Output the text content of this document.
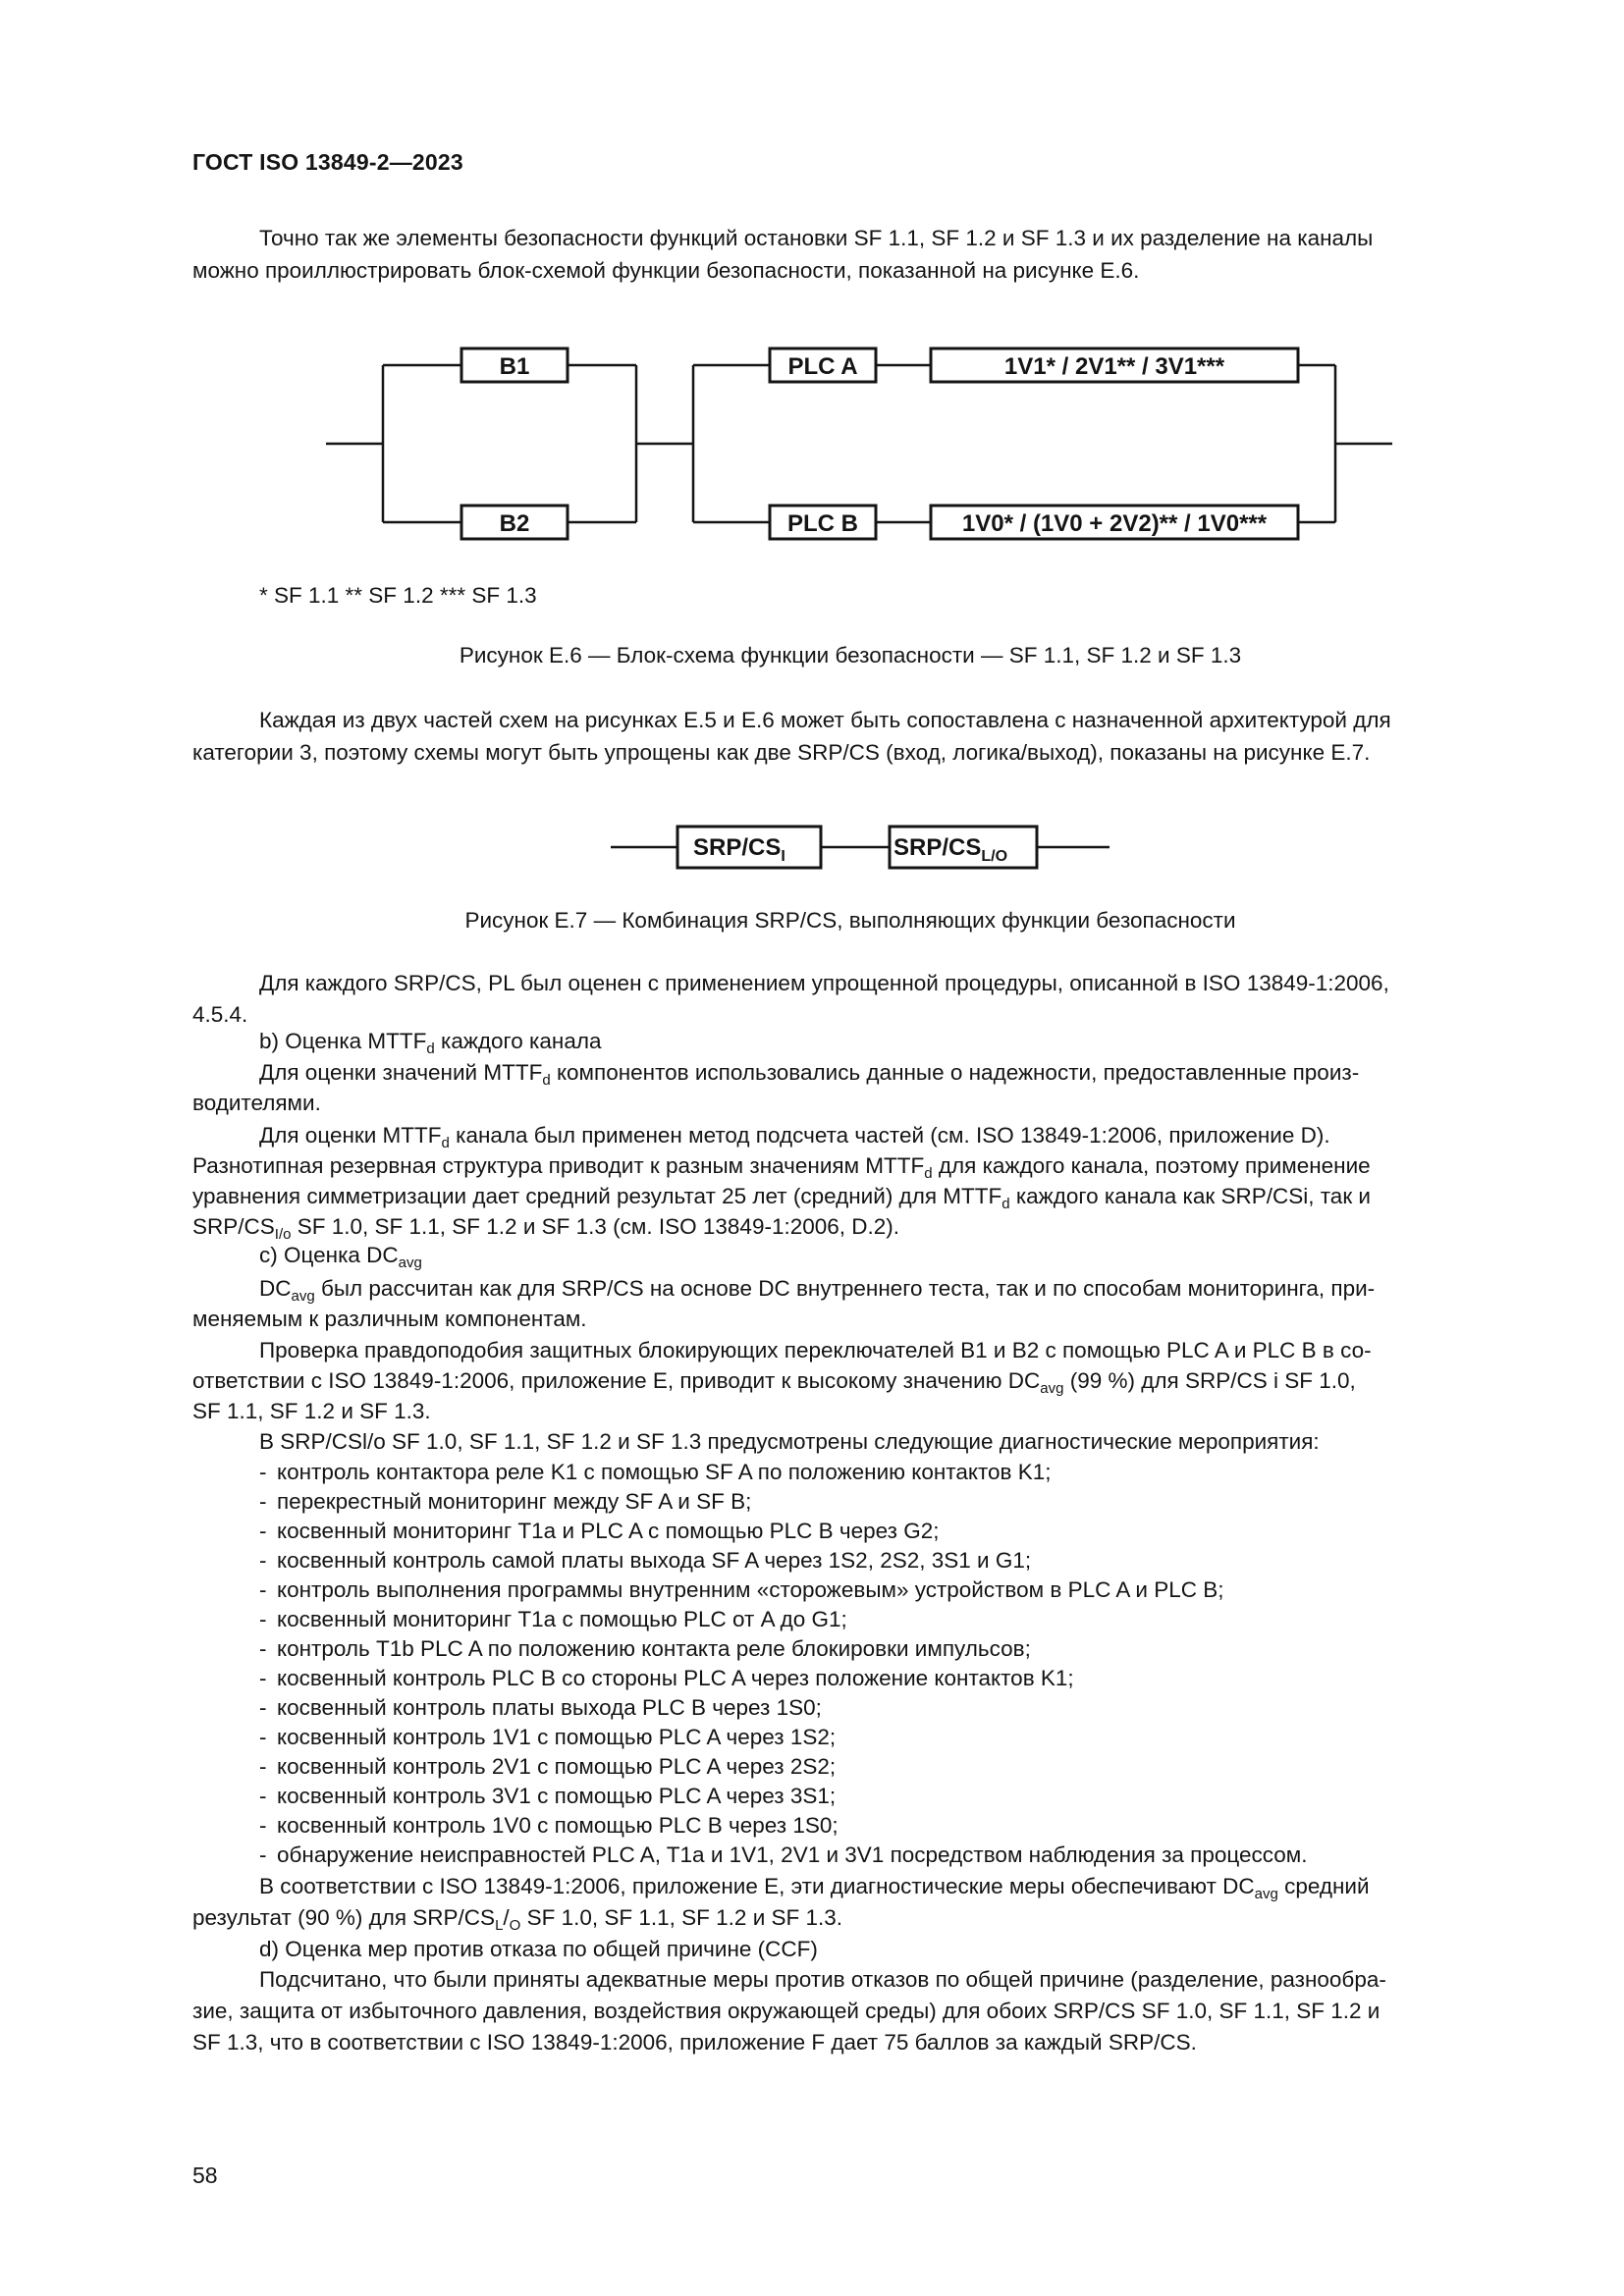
ГОСТ ISO 13849-2—2023
Точно так же элементы безопасности функций остановки SF 1.1, SF 1.2 и SF 1.3 и их разделение на каналы
можно проиллюстрировать блок-схемой функции безопасности, показанной на рисунке Е.6.
B1
B2
PLC A
PLC B
1V1* / 2V1** / 3V1***
1V0* / (1V0 + 2V2)** / 1V0***
* SF 1.1 ** SF 1.2 *** SF 1.3
Рисунок Е.6 — Блок-схема функции безопасности — SF 1.1, SF 1.2 и SF 1.3
Каждая из двух частей схем на рисунках Е.5 и Е.6 может быть сопоставлена с назначенной архитектурой для
категории 3, поэтому схемы могут быть упрощены как две SRP/CS (вход, логика/выход), показаны на рисунке Е.7.
SRP/$CS_I$	SRP/$CS_{L/O}$
Рисунок Е.7 — Комбинация SRP/CS, выполняющих функции безопасности
Для каждого SRP/CS, PL был оценен с применением упрощенной процедуры, описанной в ISO 13849-1:2006,
4.5.4.
b) Оценка $MTTF_d$ каждого канала
Для оценки значений $MTTF_d$ компонентов использовались данные о надежности, предоставленные произ-
водителями.
Для оценки $MTTF_d$ канала был применен метод подсчета частей (см. ISO 13849-1:2006, приложение D).
Разнотипная резервная структура приводит к разным значениям $MTTF_d$ для каждого канала, поэтому применение
уравнения симметризации дает средний результат 25 лет (средний) для $MTTF_d$ каждого канала как SRP/CSi, так и
SRP/$CS_{I/o}$ SF 1.0, SF 1.1, SF 1.2 и SF 1.3 (см. ISO 13849-1:2006, D.2).
c) Оценка $DC_{avg}$
$DC_{avg}$ был рассчитан как для SRP/CS на основе DC внутреннего теста, так и по способам мониторинга, при-
меняемым к различным компонентам.
Проверка правдоподобия защитных блокирующих переключателей B1 и B2 с помощью PLC A и PLC B в со-
ответствии с ISO 13849-1:2006, приложение E, приводит к высокому значению $DC_{avg}$ (99 %) для SRP/CS i SF 1.0,
SF 1.1, SF 1.2 и SF 1.3.
В SRP/CSl/o SF 1.0, SF 1.1, SF 1.2 и SF 1.3 предусмотрены следующие диагностические мероприятия:
- контроль контактора реле K1 с помощью SF A по положению контактов K1;
- перекрестный мониторинг между SF A и SF B;
- косвенный мониторинг T1a и PLC A с помощью PLC B через G2;
- косвенный контроль самой платы выхода SF A через 1S2, 2S2, 3S1 и G1;
- контроль выполнения программы внутренним «сторожевым» устройством в PLC A и PLC B;
- косвенный мониторинг T1a с помощью PLC от A до G1;
- контроль T1b PLC A по положению контакта реле блокировки импульсов;
- косвенный контроль PLC B со стороны PLC A через положение контактов K1;
- косвенный контроль платы выхода PLC B через 1S0;
- косвенный контроль 1V1 с помощью PLC A через 1S2;
- косвенный контроль 2V1 с помощью PLC A через 2S2;
- косвенный контроль 3V1 с помощью PLC A через 3S1;
- косвенный контроль 1V0 с помощью PLC B через 1S0;
- обнаружение неисправностей PLC A, T1a и 1V1, 2V1 и 3V1 посредством наблюдения за процессом.
В соответствии с ISO 13849-1:2006, приложение E, эти диагностические меры обеспечивают $DC_{avg}$ средний
результат (90 %) для SRP/$CS_L/_O$ SF 1.0, SF 1.1, SF 1.2 и SF 1.3.
d) Оценка мер против отказа по общей причине (CCF)
Подсчитано, что были приняты адекватные меры против отказов по общей причине (разделение, разнообра-
зие, защита от избыточного давления, воздействия окружающей среды) для обоих SRP/CS SF 1.0, SF 1.1, SF 1.2 и
SF 1.3, что в соответствии с ISO 13849-1:2006, приложение F дает 75 баллов за каждый SRP/CS.
58
